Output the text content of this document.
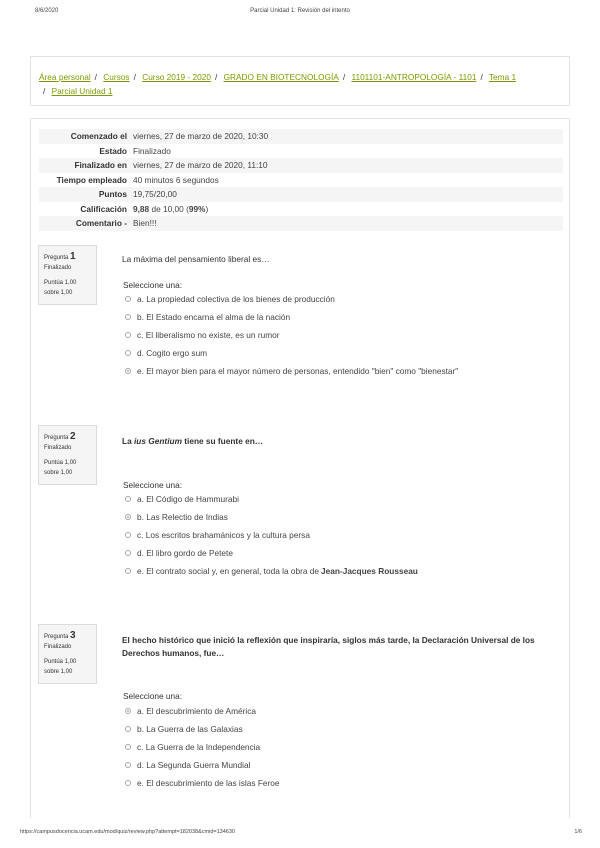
8/6/2020	Parcial Unidad 1: Revisión del intento
Área personal / Cursos / Curso 2019 - 2020 / GRADO EN BIOTECNOLOGÍA / 1101101-ANTROPOLOGÍA - 1101 / Tema 1
/ Parcial Unidad 1
Comenzado el	viernes, 27 de marzo de 2020, 10:30
Estado	Finalizado
Finalizado en	viernes, 27 de marzo de 2020, 11:10
Tiempo empleado	40 minutos 6 segundos
Puntos	19,75/20,00
Calificación	9,88 de 10,00 (99%)
Comentario -	Bien!!!
Pregunta 1
Finalizado
Puntúa 1,00
sobre 1,00
La máxima del pensamiento liberal es…
Seleccione una:
a. La propiedad colectiva de los bienes de producción
b. El Estado encarna el alma de la nación
c. El liberalismo no existe, es un rumor
d. Cogito ergo sum
e. El mayor bien para el mayor número de personas, entendido "bien" como "bienestar"
Pregunta 2
Finalizado
Puntúa 1,00
sobre 1,00
La ius Gentium tiene su fuente en…
Seleccione una:
a. El Código de Hammurabi
b. Las Relectio de Indias
c. Los escritos brahamánicos y la cultura persa
d. El libro gordo de Petete
e. El contrato social y, en general, toda la obra de Jean-Jacques Rousseau
Pregunta 3
Finalizado
Puntúa 1,00
sobre 1,00
El hecho histórico que inició la reflexión que inspiraría, siglos más tarde, la Declaración Universal de los Derechos humanos, fue…
Seleccione una:
a. El descubrimiento de América
b. La Guerra de las Galaxias
c. La Guerra de la Independencia
d. La Segunda Guerra Mundial
e. El descubrimiento de las islas Feroe
https://campusdocencia.ucam.edu/mod/quiz/review.php?attempt=182038&cmid=134630	1/6
